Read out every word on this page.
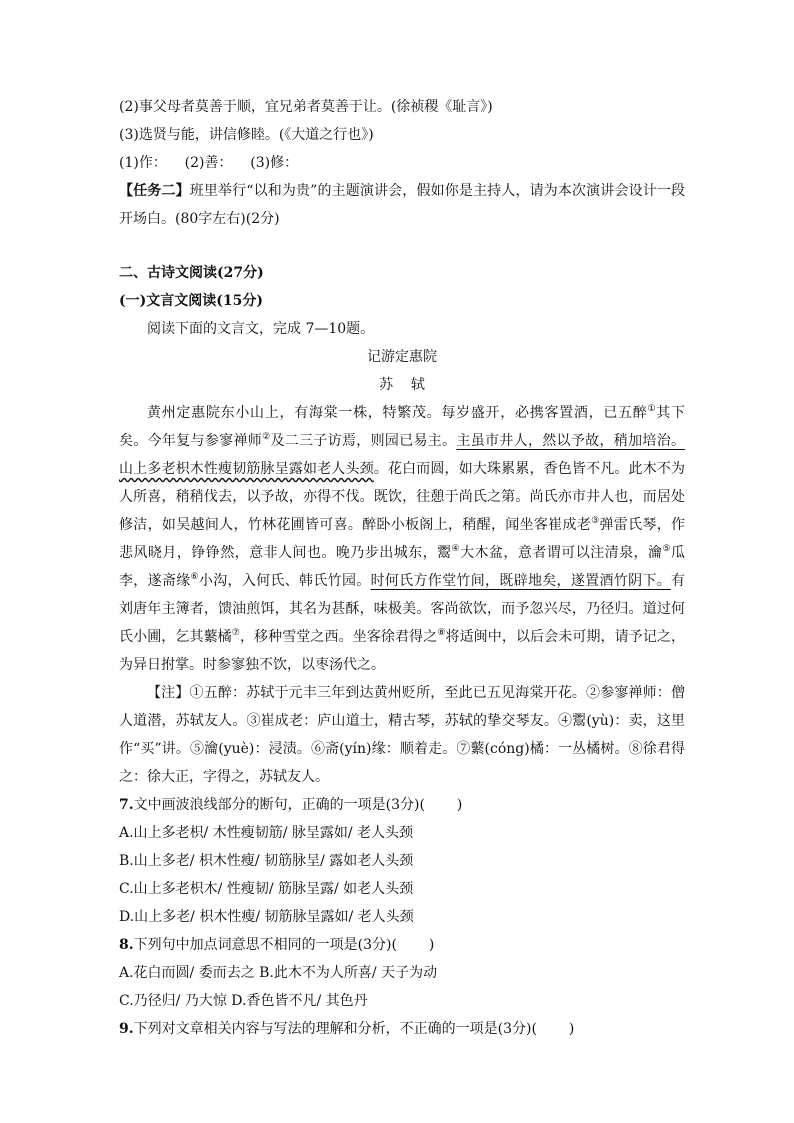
(2)事父母者莫善于顺，宜兄弟者莫善于让。(徐祯稷《耻言》)

(3)选贤与能，讲信修睦。(《大道之行也》)

(1)作：    (2)善：    (3)修：

【任务二】班里举行“以和为贵”的主题演讲会，假如你是主持人，请为本次演讲会设计一段开场白。(80字左右)(2分)

二、古诗文阅读(27分)

(一)文言文阅读(15分)

阅读下面的文言文，完成 7—10题。

记游定惠院

苏    轼

黄州定惠院东小山上，有海棠一株，特繁茂。每岁盛开，必携客置酒，已五醉①其下矣。今年复与参寥禅师②及二三子访焉，则园已易主。主虽市井人，然以予故，稍加培治。山上多老枳木性瘦韧筋脉呈露如老人头颈。花白而圆，如大珠累累，香色皆不凡。此木不为人所喜，稍稍伐去，以予故，亦得不伐。既饮，往憩于尚氏之第。尚氏亦市井人也，而居处修洁，如吴越间人，竹林花圃皆可喜。醉卧小板阁上，稍醒，闻坐客崔成老③弹雷氏琴，作悲风晓月，铮铮然，意非人间也。晚乃步出城东，鬻④大木盆，意者谓可以注清泉，瀹⑤瓜李，遂斋缘⑥小沟，入何氏、韩氏竹园。时何氏方作堂竹间，既辟地矣，遂置酒竹阴下。有刘唐年主簿者，馈油煎饵，其名为甚酥，味极美。客尚欲饮，而予忽兴尽，乃径归。道过何氏小圃，乞其蘩橘⑦，移种雪堂之西。坐客徐君得之⑧将适闽中，以后会未可期，请予记之，为异日拊掌。时参寥独不饮，以枣汤代之。

【注】①五醉：苏轼于元丰三年到达黄州贬所，至此已五见海棠开花。②参寥禅师：僧人道潜，苏轼友人。③崔成老：庐山道士，精古琴，苏轼的挚交琴友。④鬻(yù)：卖，这里作“买”讲。⑤瀹(yuè)：浸渍。⑥斋(yín)缘：顺着走。⑦蘩(cóng)橘：一丛橘树。⑧徐君得之：徐大正，字得之，苏轼友人。

7.文中画波浪线部分的断句，正确的一项是(3分)( )

A.山上多老枳/ 木性瘦韧筋/ 脉呈露如/ 老人头颈

B.山上多老/ 枳木性瘦/ 韧筋脉呈/ 露如老人头颈

C.山上多老枳木/ 性瘦韧/ 筋脉呈露/ 如老人头颈

D.山上多老/ 枳木性瘦/ 韧筋脉呈露如/ 老人头颈

8.下列句中加点词意思不相同的一项是(3分)( )

A.花白而圆/ 委而去之 B.此木不为人所喜/ 天子为动

C.乃径归/ 乃大惊 D.香色皆不凡/ 其色丹

9.下列对文章相关内容与写法的理解和分析，不正确的一项是(3分)( )
